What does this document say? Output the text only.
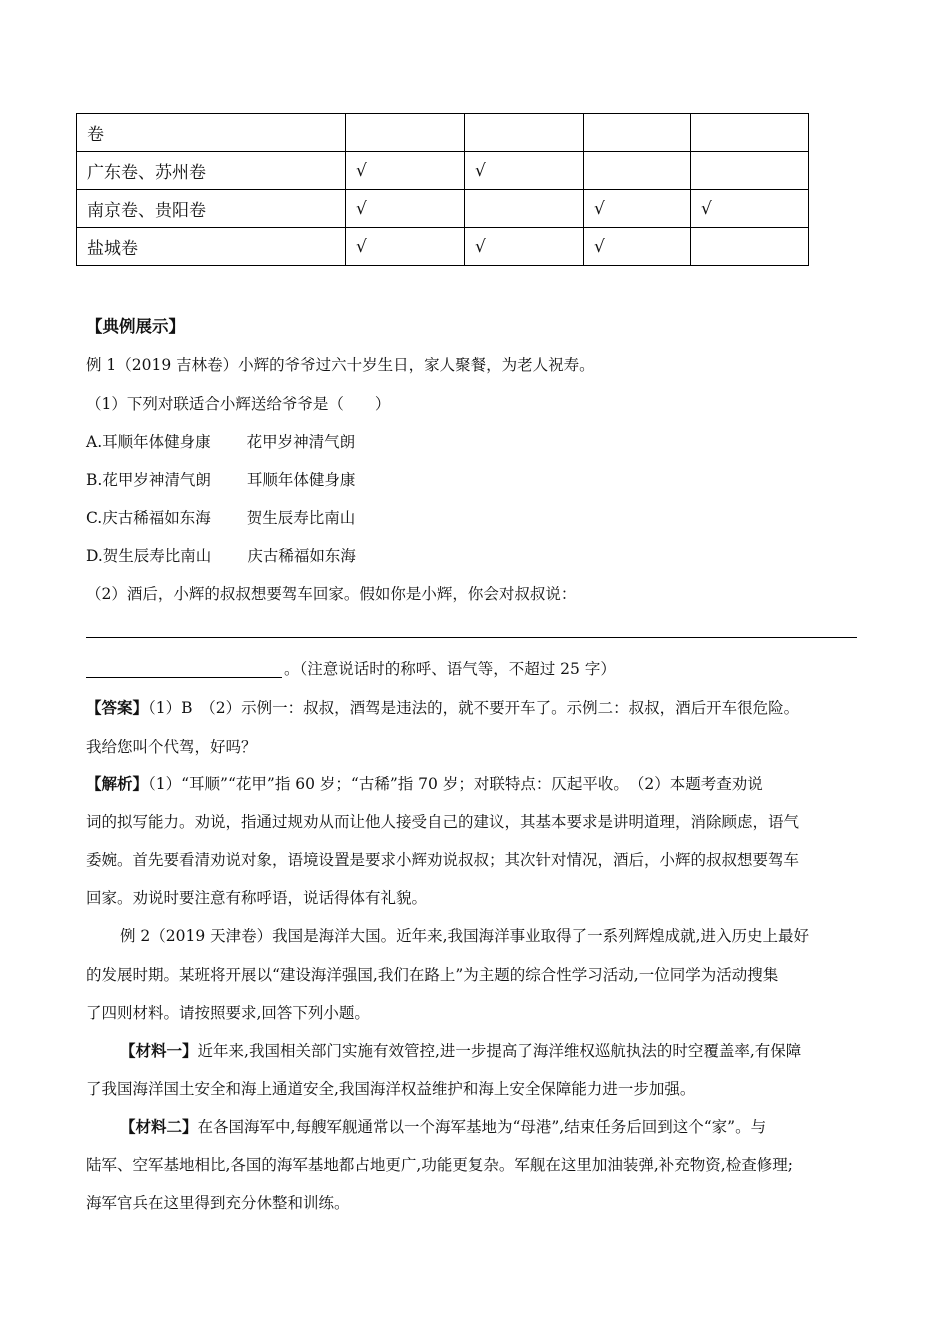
卷				
广东卷、苏州卷	√	√		
南京卷、贵阳卷	√		√	√
盐城卷	√	√	√	
【典例展示】
例 1（2019 吉林卷）小辉的爷爷过六十岁生日，家人聚餐，为老人祝寿。
（1）下列对联适合小辉送给爷爷是（　　）
A.耳顺年体健身康 花甲岁神清气朗
B.花甲岁神清气朗 耳顺年体健身康
C.庆古稀福如东海 贺生辰寿比南山
D.贺生辰寿比南山 庆古稀福如东海
（2）酒后，小辉的叔叔想要驾车回家。假如你是小辉，你会对叔叔说：
。（注意说话时的称呼、语气等，不超过 25 字）
【答案】（1）B　（2）示例一：叔叔，酒驾是违法的，就不要开车了。示例二：叔叔，酒后开车很危险。
我给您叫个代驾，好吗？
【解析】（1）“耳顺”“花甲”指 60 岁；“古稀”指 70 岁；对联特点：仄起平收。　（2）本题考查劝说
词的拟写能力。劝说，指通过规劝从而让他人接受自己的建议，其基本要求是讲明道理，消除顾虑，语气
委婉。首先要看清劝说对象，语境设置是要求小辉劝说叔叔；其次针对情况，酒后，小辉的叔叔想要驾车
回家。劝说时要注意有称呼语，说话得体有礼貌。
例 2（2019 天津卷）我国是海洋大国。近年来,我国海洋事业取得了一系列辉煌成就,进入历史上最好
的发展时期。某班将开展以“建设海洋强国,我们在路上”为主题的综合性学习活动,一位同学为活动搜集
了四则材料。请按照要求,回答下列小题。
【材料一】近年来,我国相关部门实施有效管控,进一步提高了海洋维权巡航执法的时空覆盖率,有保障
了我国海洋国土安全和海上通道安全,我国海洋权益维护和海上安全保障能力进一步加强。
【材料二】在各国海军中,每艘军舰通常以一个海军基地为“母港”,结束任务后回到这个“家”。与
陆军、空军基地相比,各国的海军基地都占地更广,功能更复杂。军舰在这里加油装弹,补充物资,检查修理;
海军官兵在这里得到充分休整和训练。
